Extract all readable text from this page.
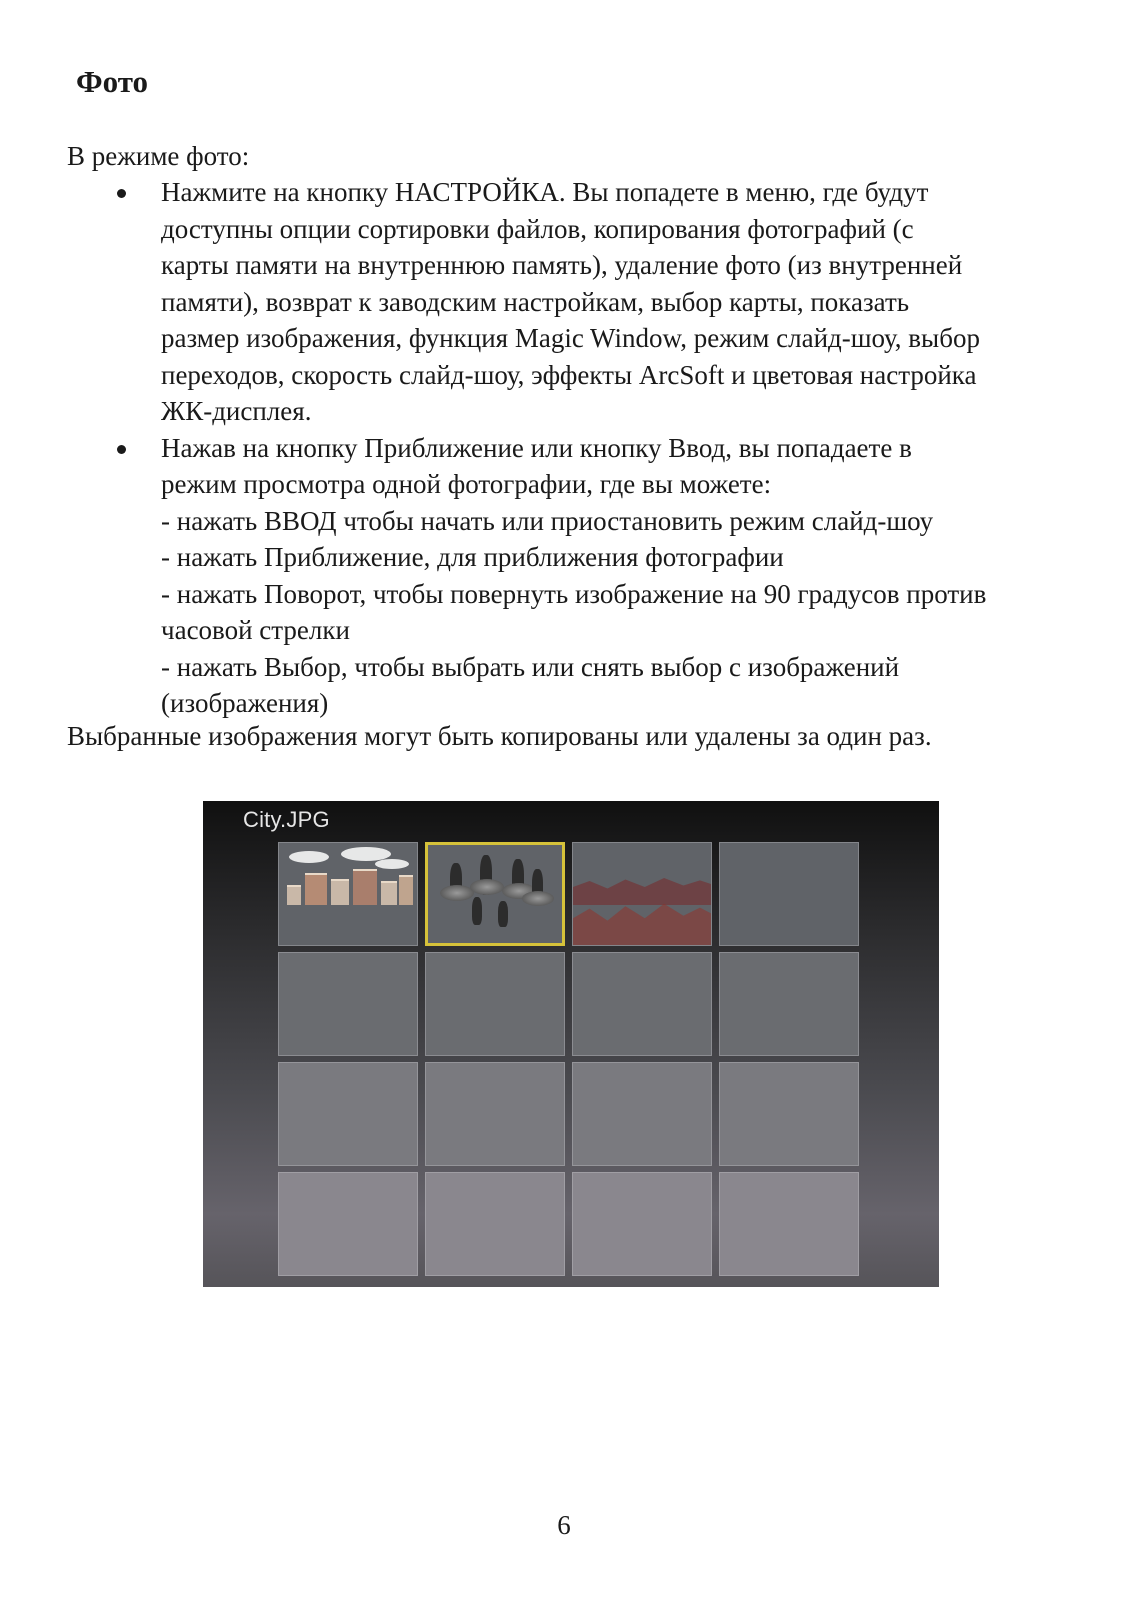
Фото

В режиме фото:

Нажмите на кнопку НАСТРОЙКА. Вы попадете в меню, где будут

доступны опции сортировки файлов, копирования фотографий (с

карты памяти на внутреннюю память), удаление фото (из внутренней

памяти), возврат к заводским настройкам, выбор карты, показать

размер изображения, функция Magic Window, режим слайд-шоу, выбор

переходов, скорость слайд-шоу, эффекты ArcSoft и цветовая настройка

ЖК-дисплея.

Нажав на кнопку Приближение или кнопку Ввод, вы попадаете в

режим просмотра одной фотографии, где вы можете:

- нажать ВВОД чтобы начать или приостановить режим слайд-шоу

- нажать Приближение, для приближения фотографии

- нажать Поворот, чтобы повернуть изображение на 90 градусов против

часовой стрелки

- нажать Выбор, чтобы выбрать или снять выбор с изображений

(изображения)

Выбранные изображения могут быть копированы или удалены за один раз.

City.JPG

6
